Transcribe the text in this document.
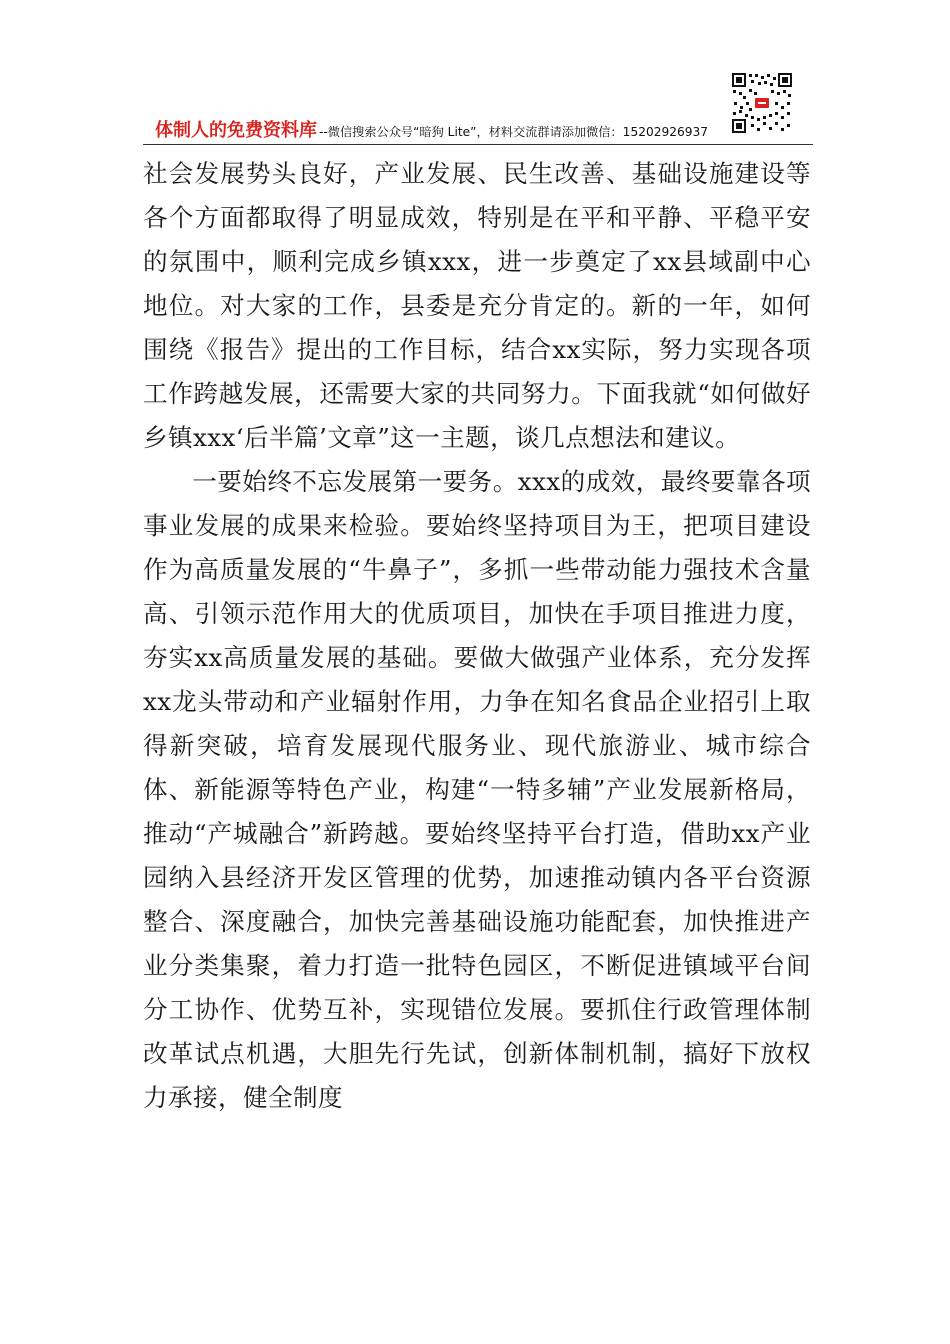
体制人的免费资料库 --微信搜索公众号“暗狗 Lite”，材料交流群请添加微信：15202926937

社会发展势头良好，产业发展、民生改善、基础设施建设等各个方面都取得了明显成效，特别是在平和平静、平稳平安的氛围中，顺利完成乡镇xxx，进一步奠定了xx县域副中心地位。对大家的工作，县委是充分肯定的。新的一年，如何围绕《报告》提出的工作目标，结合xx实际，努力实现各项工作跨越发展，还需要大家的共同努力。下面我就“如何做好乡镇xxx‘后半篇’文章”这一主题，谈几点想法和建议。

一要始终不忘发展第一要务。xxx的成效，最终要靠各项事业发展的成果来检验。要始终坚持项目为王，把项目建设作为高质量发展的“牛鼻子”，多抓一些带动能力强技术含量高、引领示范作用大的优质项目，加快在手项目推进力度，夯实xx高质量发展的基础。要做大做强产业体系，充分发挥xx龙头带动和产业辐射作用，力争在知名食品企业招引上取得新突破，培育发展现代服务业、现代旅游业、城市综合体、新能源等特色产业，构建“一特多辅”产业发展新格局，推动“产城融合”新跨越。要始终坚持平台打造，借助xx产业园纳入县经济开发区管理的优势，加速推动镇内各平台资源整合、深度融合，加快完善基础设施功能配套，加快推进产业分类集聚，着力打造一批特色园区，不断促进镇域平台间分工协作、优势互补，实现错位发展。要抓住行政管理体制改革试点机遇，大胆先行先试，创新体制机制，搞好下放权力承接，健全制度
